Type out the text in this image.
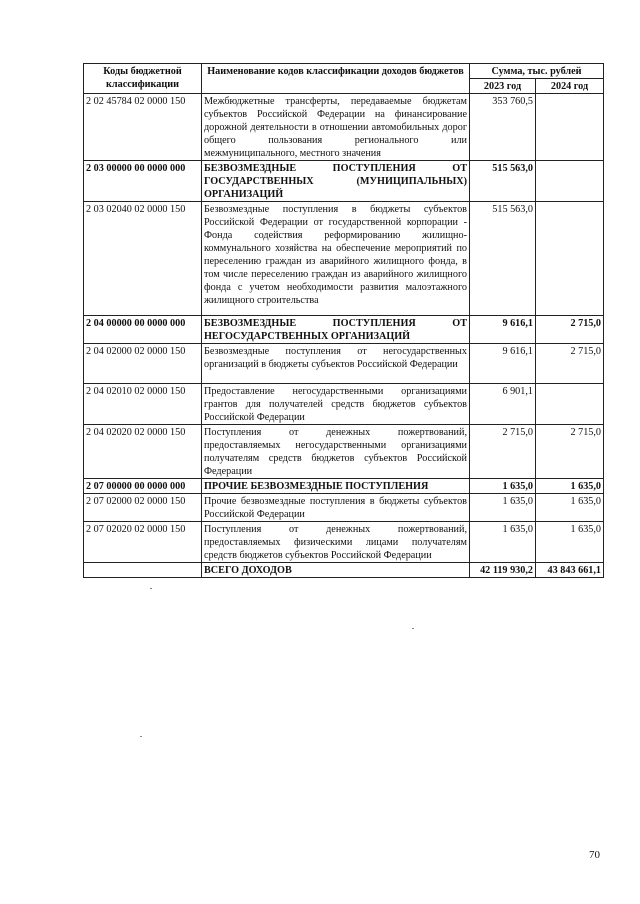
Коды бюджетной классификации	Наименование кодов классификации доходов бюджетов	Сумма, тыс. рублей	
		2023 год	2024 год
2 02 45784 02 0000 150	Межбюджетные трансферты, передаваемые бюджетам субъектов Российской Федерации на финансирование дорожной деятельности в отношении автомобильных дорог общего пользования регионального или межмуниципального, местного значения	353 760,5	
2 03 00000 00 0000 000	БЕЗВОЗМЕЗДНЫЕ ПОСТУПЛЕНИЯ ОТ ГОСУДАРСТВЕННЫХ (МУНИЦИПАЛЬНЫХ) ОРГАНИЗАЦИЙ	515 563,0	
2 03 02040 02 0000 150	Безвозмездные поступления в бюджеты субъектов Российской Федерации от государственной корпорации - Фонда содействия реформированию жилищно-коммунального хозяйства на обеспечение мероприятий по переселению граждан из аварийного жилищного фонда, в том числе переселению граждан из аварийного жилищного фонда с учетом необходимости развития малоэтажного жилищного строительства	515 563,0	
2 04 00000 00 0000 000	БЕЗВОЗМЕЗДНЫЕ ПОСТУПЛЕНИЯ ОТ НЕГОСУДАРСТВЕННЫХ ОРГАНИЗАЦИЙ	9 616,1	2 715,0
2 04 02000 02 0000 150	Безвозмездные поступления от негосударственных организаций в бюджеты субъектов Российской Федерации	9 616,1	2 715,0
2 04 02010 02 0000 150	Предоставление негосударственными организациями грантов для получателей средств бюджетов субъектов Российской Федерации	6 901,1	
2 04 02020 02 0000 150	Поступления от денежных пожертвований, предоставляемых негосударственными организациями получателям средств бюджетов субъектов Российской Федерации	2 715,0	2 715,0
2 07 00000 00 0000 000	ПРОЧИЕ БЕЗВОЗМЕЗДНЫЕ ПОСТУПЛЕНИЯ	1 635,0	1 635,0
2 07 02000 02 0000 150	Прочие безвозмездные поступления в бюджеты субъектов Российской Федерации	1 635,0	1 635,0
2 07 02020 02 0000 150	Поступления от денежных пожертвований, предоставляемых физическими лицами получателям средств бюджетов субъектов Российской Федерации	1 635,0	1 635,0
	ВСЕГО ДОХОДОВ	42 119 930,2	43 843 661,1
70
